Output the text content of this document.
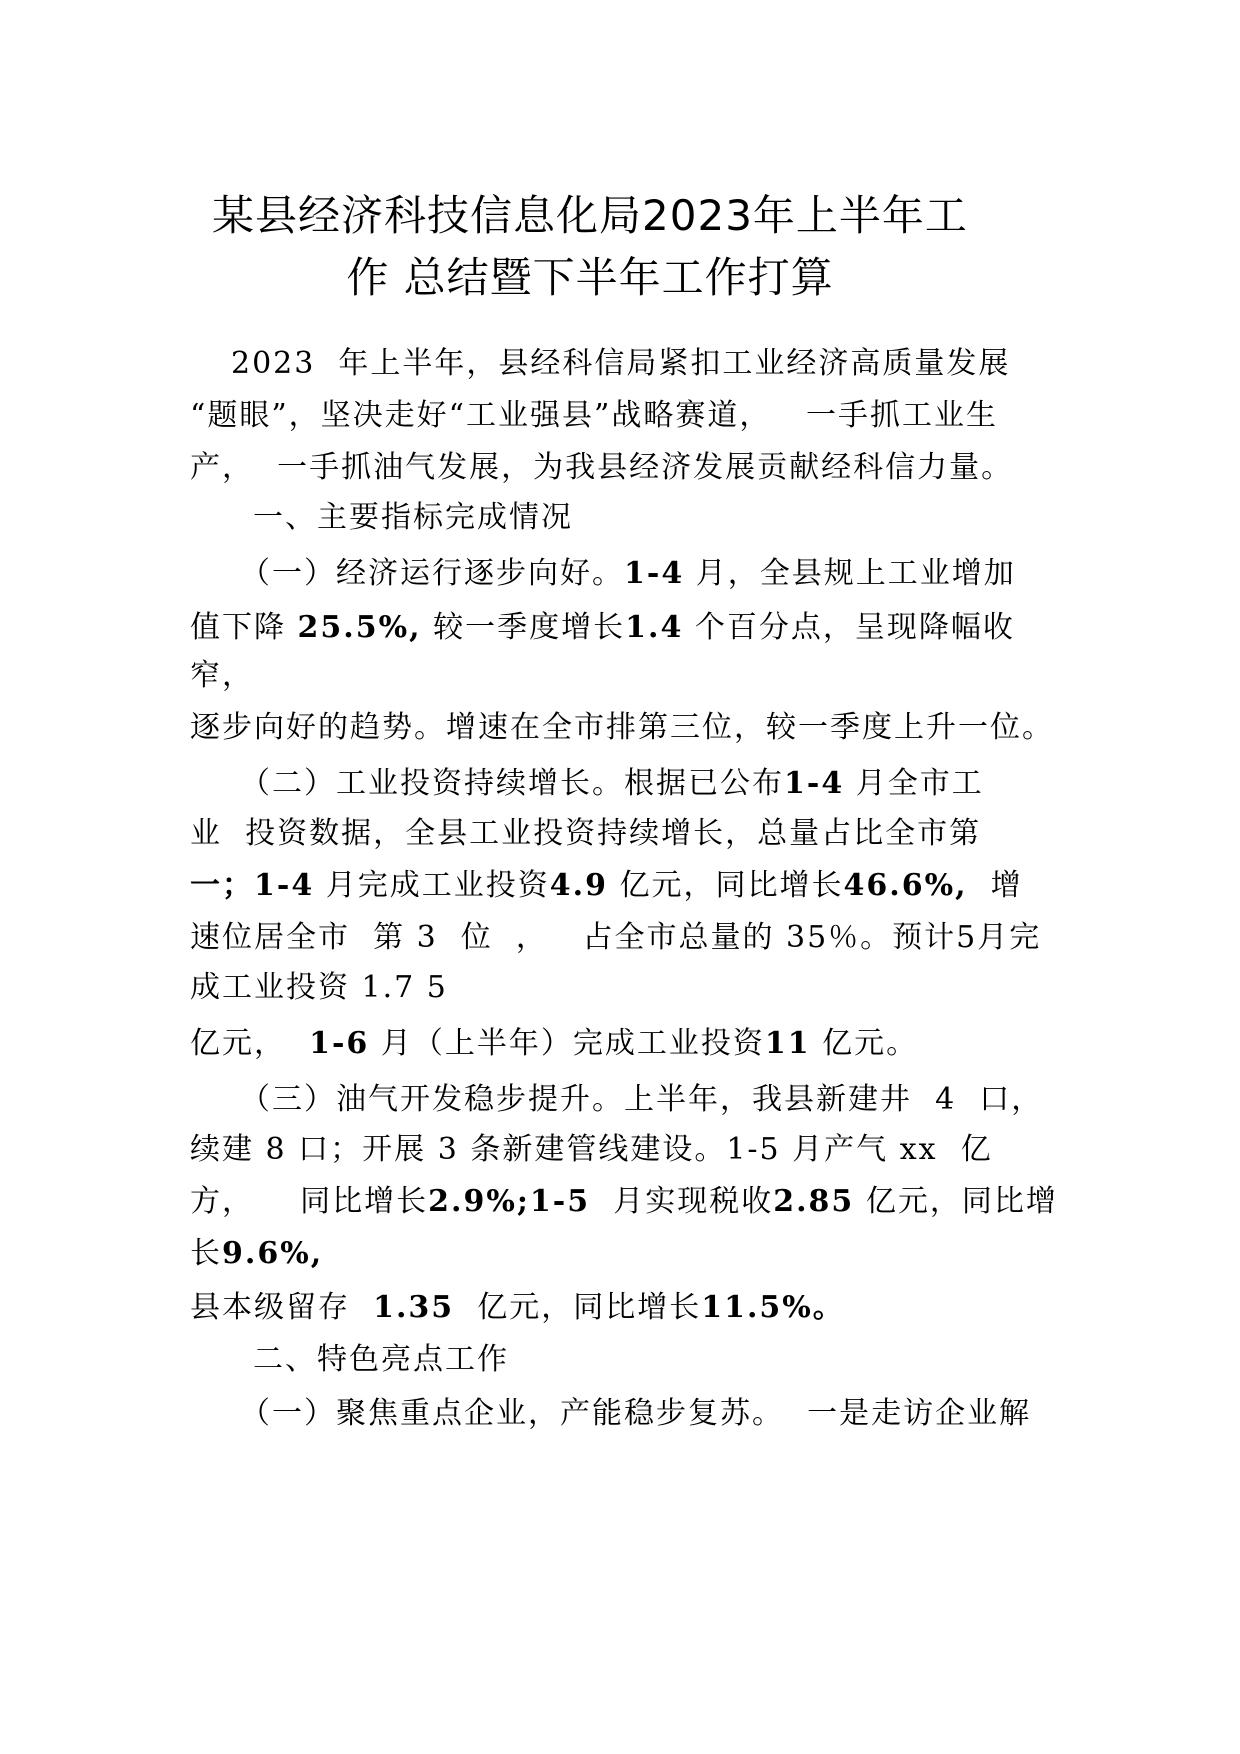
某县经济科技信息化局2023年上半年工
作 总结暨下半年工作打算
2023  年上半年，县经科信局紧扣工业经济高质量发展
“题眼”，坚决走好“工业强县”战略赛道，   一手抓工业生
产，  一手抓油气发展，为我县经济发展贡献经科信力量。
一、主要指标完成情况
（一）经济运行逐步向好。1-4 月，全县规上工业增加
值下降 25.5%, 较一季度增长1.4 个百分点，呈现降幅收
窄，
逐步向好的趋势。增速在全市排第三位，较一季度上升一位。
（二）工业投资持续增长。根据已公布1-4 月全市工
业  投资数据，全县工业投资持续增长，总量占比全市第
一；1-4 月完成工业投资4.9 亿元，同比增长46.6%,  增
速位居全市  第 3  位  ，   占全市总量的 35％。预计5月完
成工业投资 1.7 5
亿元，  1-6 月（上半年）完成工业投资11 亿元。
（三）油气开发稳步提升。上半年，我县新建井  4  口，
续建 8 口；开展 3 条新建管线建设。1-5 月产气 xx  亿
方，    同比增长2.9%;1-5  月实现税收2.85 亿元，同比增
长9.6%,
县本级留存  1.35  亿元，同比增长11.5%。
二、特色亮点工作
（一）聚焦重点企业，产能稳步复苏。  一是走访企业解
